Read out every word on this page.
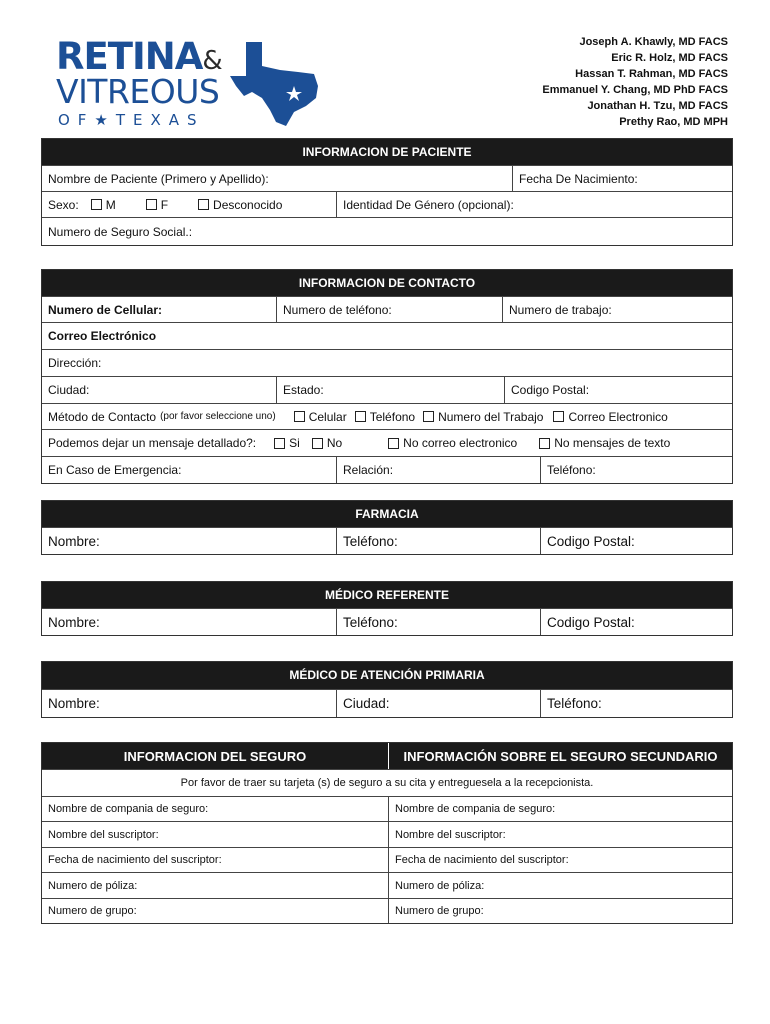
RETINA&
VITREOUS
OF★TEXAS
Joseph A. Khawly, MD FACS
Eric R. Holz, MD FACS
Hassan T. Rahman, MD FACS
Emmanuel Y. Chang, MD PhD FACS
Jonathan H. Tzu, MD FACS
Prethy Rao, MD MPH
INFORMACION DE PACIENTE
Nombre de Paciente (Primero y Apellido):	Fecha De Nacimiento:
Sexo: M	F	Desconocido	Identidad De Género (opcional):
Numero de Seguro Social.:
INFORMACION DE CONTACTO
Numero de Cellular:	Numero de teléfono:	Numero de trabajo:
Correo Electrónico
Dirección:
Ciudad:	Estado:	Codigo Postal:
Método de Contacto (por favor seleccione uno)	Celular Teléfono Numero del Trabajo Correo Electronico
Podemos dejar un mensaje detallado?:	Si No	No correo electronico	No mensajes de texto
En Caso de Emergencia:	Relación:	Teléfono:
FARMACIA
Nombre:	Teléfono:	Codigo Postal:
MÉDICO REFERENTE
Nombre:	Teléfono:	Codigo Postal:
MÉDICO DE ATENCIÓN PRIMARIA
Nombre:	Ciudad:	Teléfono:
INFORMACION DEL SEGURO	INFORMACIÓN SOBRE EL SEGURO SECUNDARIO
Por favor de traer su tarjeta (s) de seguro a su cita y entreguesela a la recepcionista.
Nombre de compania de seguro:	Nombre de compania de seguro:
Nombre del suscriptor:	Nombre del suscriptor:
Fecha de nacimiento del suscriptor:	Fecha de nacimiento del suscriptor:
Numero de póliza:	Numero de póliza:
Numero de grupo:	Numero de grupo:
